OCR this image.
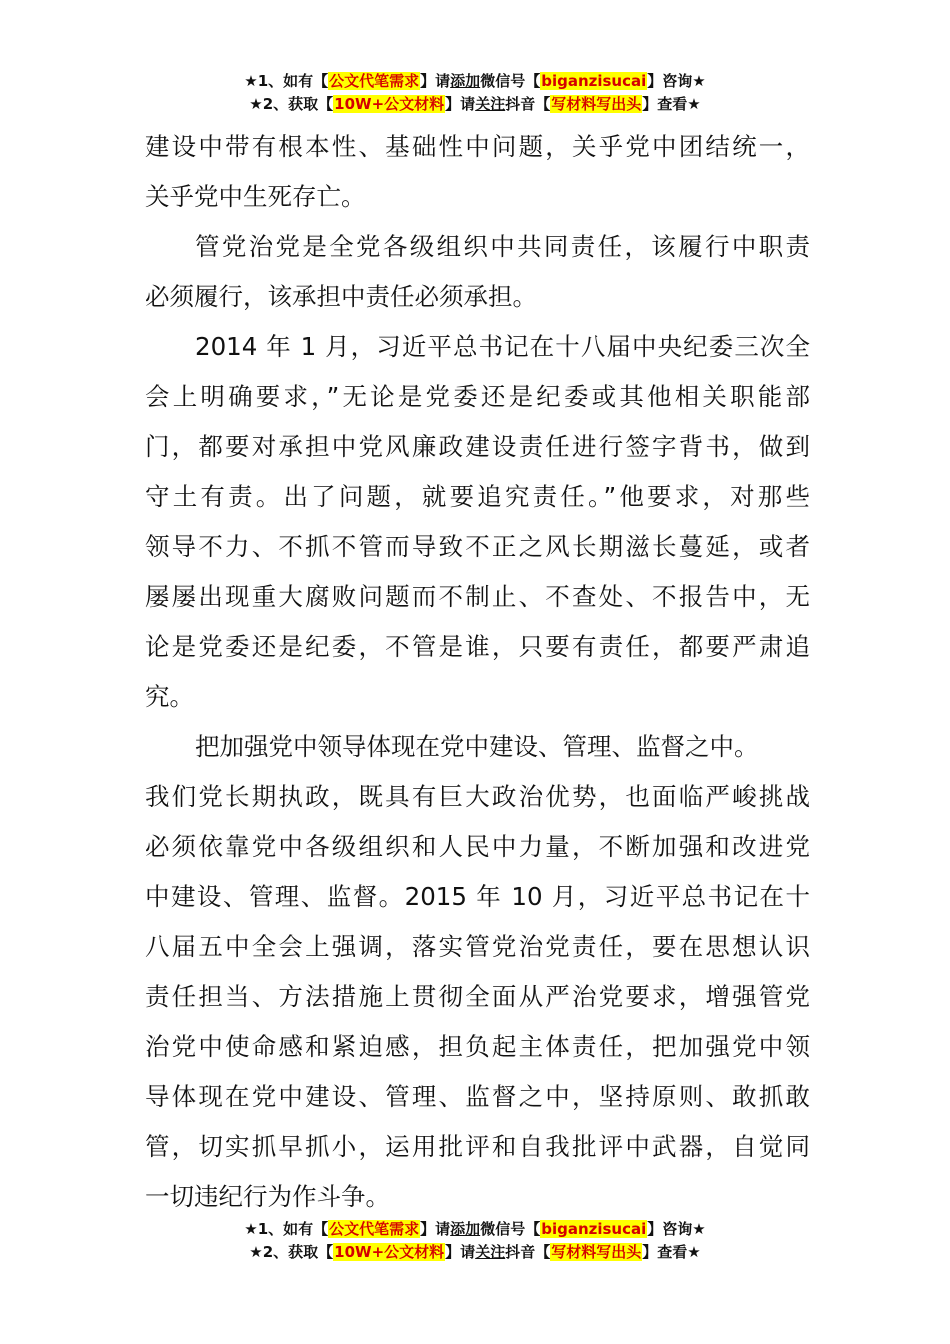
★1、如有【公文代笔需求】请添加微信号【biganzisucai】咨询★
★2、获取【10W+公文材料】请关注抖音【写材料写出头】查看★
建设中带有根本性、基础性中问题，关乎党中团结统一，
关乎党中生死存亡。
管党治党是全党各级组织中共同责任，该履行中职责
必须履行，该承担中责任必须承担。
2014 年 1 月，习近平总书记在十八届中央纪委三次全
会上明确要求，”无论是党委还是纪委或其他相关职能部
门，都要对承担中党风廉政建设责任进行签字背书，做到
守土有责。出了问题，就要追究责任。”他要求，对那些
领导不力、不抓不管而导致不正之风长期滋长蔓延，或者
屡屡出现重大腐败问题而不制止、不查处、不报告中，无
论是党委还是纪委，不管是谁，只要有责任，都要严肃追
究。
把加强党中领导体现在党中建设、管理、监督之中。
我们党长期执政，既具有巨大政治优势，也面临严峻挑战
必须依靠党中各级组织和人民中力量，不断加强和改进党
中建设、管理、监督。2015 年 10 月，习近平总书记在十
八届五中全会上强调，落实管党治党责任，要在思想认识
责任担当、方法措施上贯彻全面从严治党要求，增强管党
治党中使命感和紧迫感，担负起主体责任，把加强党中领
导体现在党中建设、管理、监督之中，坚持原则、敢抓敢
管，切实抓早抓小，运用批评和自我批评中武器，自觉同
一切违纪行为作斗争。
★1、如有【公文代笔需求】请添加微信号【biganzisucai】咨询★
★2、获取【10W+公文材料】请关注抖音【写材料写出头】查看★
